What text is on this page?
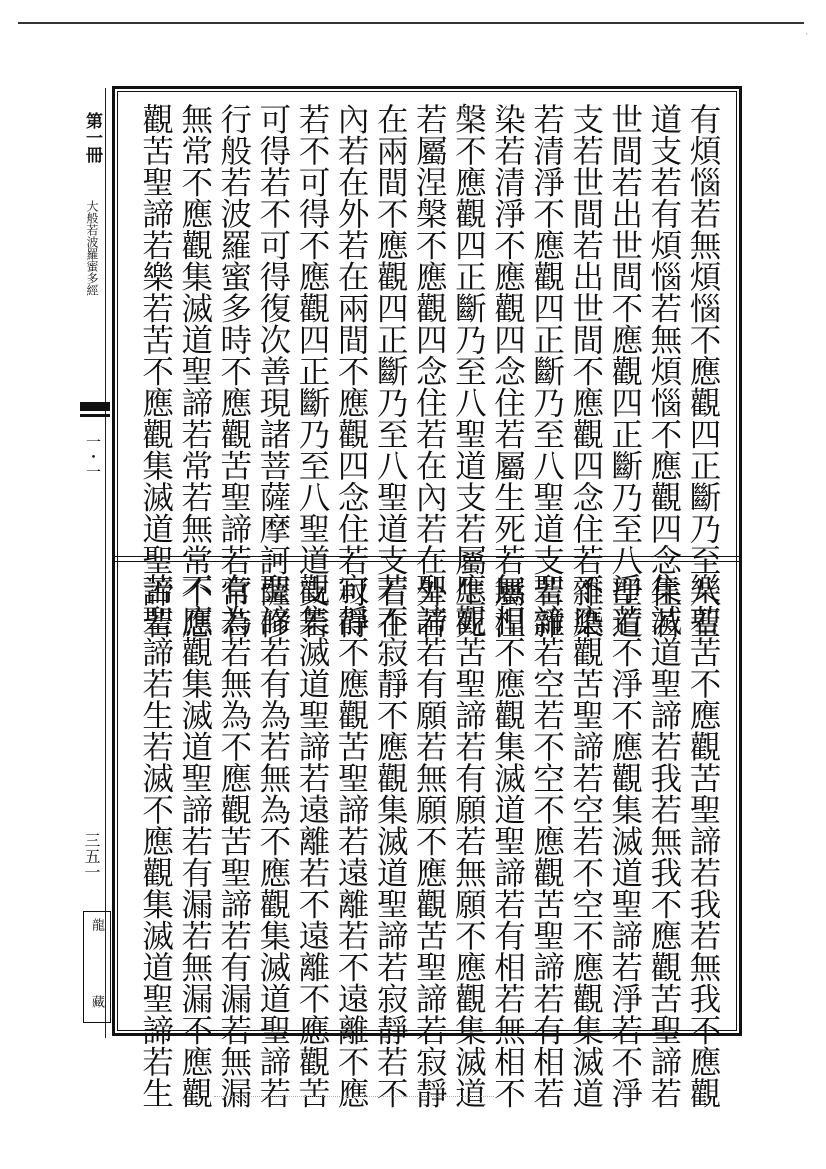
'
第一冊
大般若波羅蜜多經
一・一
三五一
龍
藏
有煩惱若無煩惱不應觀四正斷乃至八聖
道支若有煩惱若無煩惱不應觀四念住若
世間若出世間不應觀四正斷乃至八聖道
支若世間若出世間不應觀四念住若雜染
若清淨不應觀四正斷乃至八聖道支若雜
染若清淨不應觀四念住若屬生死若屬涅
槃不應觀四正斷乃至八聖道支若屬生死
若屬涅槃不應觀四念住若在內若在外若
在兩間不應觀四正斷乃至八聖道支若在
內若在外若在兩間不應觀四念住若可得
若不可得不應觀四正斷乃至八聖道支若
可得若不可得復次善現諸菩薩摩訶薩修
行般若波羅蜜多時不應觀苦聖諦若常若
無常不應觀集滅道聖諦若常若無常不應
觀苦聖諦若樂若苦不應觀集滅道聖諦若
樂若苦不應觀苦聖諦若我若無我不應觀
集滅道聖諦若我若無我不應觀苦聖諦若
淨若不淨不應觀集滅道聖諦若淨若不淨
不應觀苦聖諦若空若不空不應觀集滅道
聖諦若空若不空不應觀苦聖諦若有相若
無相不應觀集滅道聖諦若有相若無相不
應觀苦聖諦若有願若無願不應觀集滅道
聖諦若有願若無願不應觀苦聖諦若寂靜
若不寂靜不應觀集滅道聖諦若寂靜若不
寂靜不應觀苦聖諦若遠離若不遠離不應
觀集滅道聖諦若遠離若不遠離不應觀苦
聖諦若有為若無為不應觀集滅道聖諦若
有為若無為不應觀苦聖諦若有漏若無漏
不應觀集滅道聖諦若有漏若無漏不應觀
苦聖諦若生若滅不應觀集滅道聖諦若生
